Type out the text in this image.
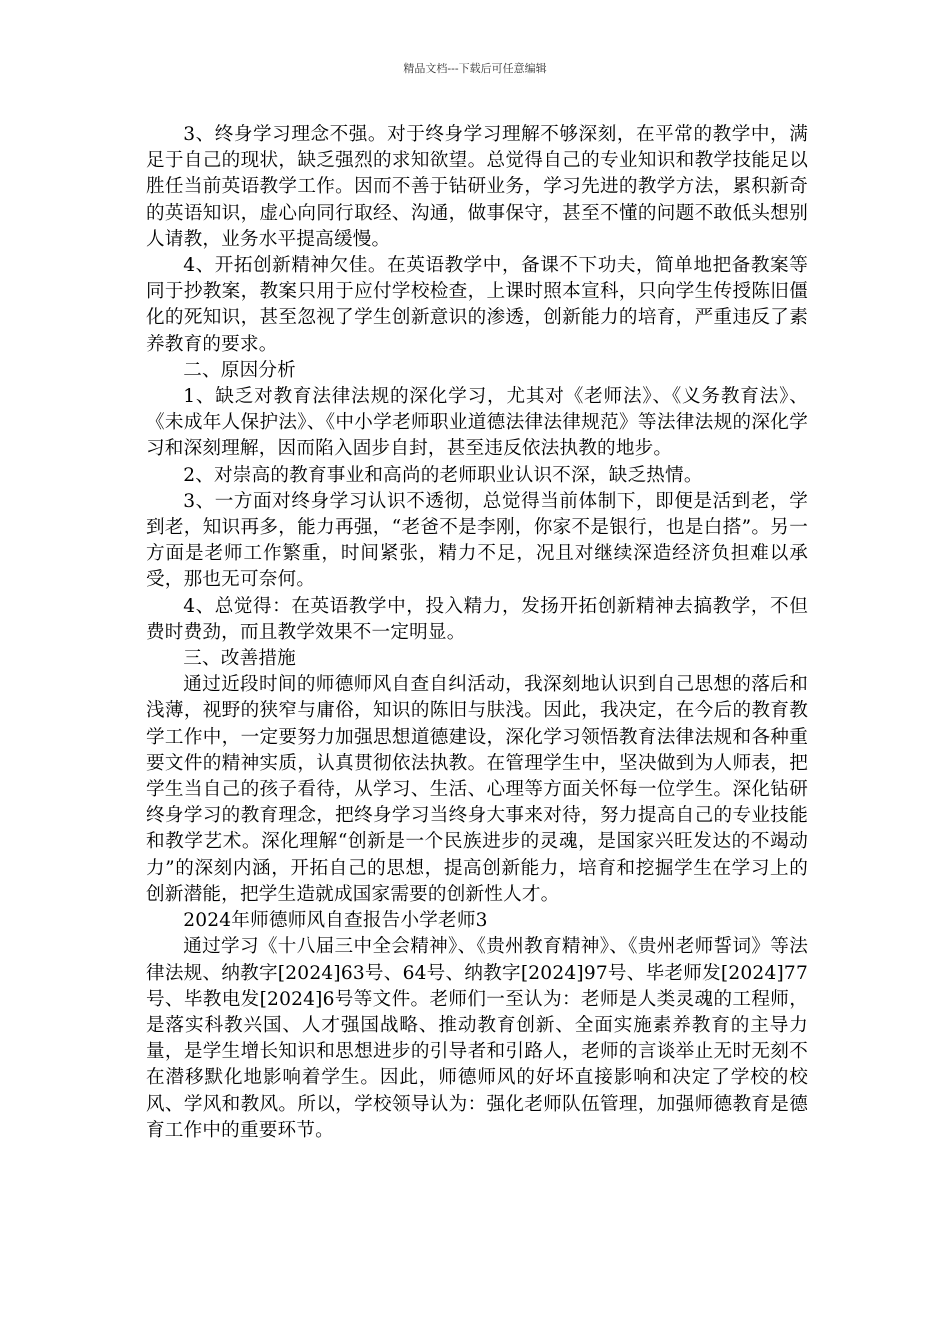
精品文档---下载后可任意编辑

3、终身学习理念不强。对于终身学习理解不够深刻，在平常的教学中，满足于自己的现状，缺乏强烈的求知欲望。总觉得自己的专业知识和教学技能足以胜任当前英语教学工作。因而不善于钻研业务，学习先进的教学方法，累积新奇的英语知识，虚心向同行取经、沟通，做事保守，甚至不懂的问题不敢低头想别人请教，业务水平提高缓慢。

4、开拓创新精神欠佳。在英语教学中，备课不下功夫，简单地把备教案等同于抄教案，教案只用于应付学校检查，上课时照本宣科，只向学生传授陈旧僵化的死知识，甚至忽视了学生创新意识的渗透，创新能力的培育，严重违反了素养教育的要求。

二、原因分析

1、缺乏对教育法律法规的深化学习，尤其对《老师法》、《义务教育法》、《未成年人保护法》、《中小学老师职业道德法律法律规范》等法律法规的深化学习和深刻理解，因而陷入固步自封，甚至违反依法执教的地步。

2、对崇高的教育事业和高尚的老师职业认识不深，缺乏热情。

3、一方面对终身学习认识不透彻，总觉得当前体制下，即便是活到老，学到老，知识再多，能力再强，“老爸不是李刚，你家不是银行，也是白搭”。另一方面是老师工作繁重，时间紧张，精力不足，况且对继续深造经济负担难以承受，那也无可奈何。

4、总觉得：在英语教学中，投入精力，发扬开拓创新精神去搞教学，不但费时费劲，而且教学效果不一定明显。

三、改善措施

通过近段时间的师德师风自查自纠活动，我深刻地认识到自己思想的落后和浅薄，视野的狭窄与庸俗，知识的陈旧与肤浅。因此，我决定，在今后的教育教学工作中，一定要努力加强思想道德建设，深化学习领悟教育法律法规和各种重要文件的精神实质，认真贯彻依法执教。在管理学生中，坚决做到为人师表，把学生当自己的孩子看待，从学习、生活、心理等方面关怀每一位学生。深化钻研终身学习的教育理念，把终身学习当终身大事来对待，努力提高自己的专业技能和教学艺术。深化理解“创新是一个民族进步的灵魂，是国家兴旺发达的不竭动力”的深刻内涵，开拓自己的思想，提高创新能力，培育和挖掘学生在学习上的创新潜能，把学生造就成国家需要的创新性人才。

2024年师德师风自查报告小学老师3

通过学习《十八届三中全会精神》、《贵州教育精神》、《贵州老师誓词》等法律法规、纳教字[2024]63号、64号、纳教字[2024]97号、毕老师发[2024]77号、毕教电发[2024]6号等文件。老师们一至认为：老师是人类灵魂的工程师，是落实科教兴国、人才强国战略、推动教育创新、全面实施素养教育的主导力量，是学生增长知识和思想进步的引导者和引路人，老师的言谈举止无时无刻不在潜移默化地影响着学生。因此，师德师风的好坏直接影响和决定了学校的校风、学风和教风。所以，学校领导认为：强化老师队伍管理，加强师德教育是德育工作中的重要环节。
